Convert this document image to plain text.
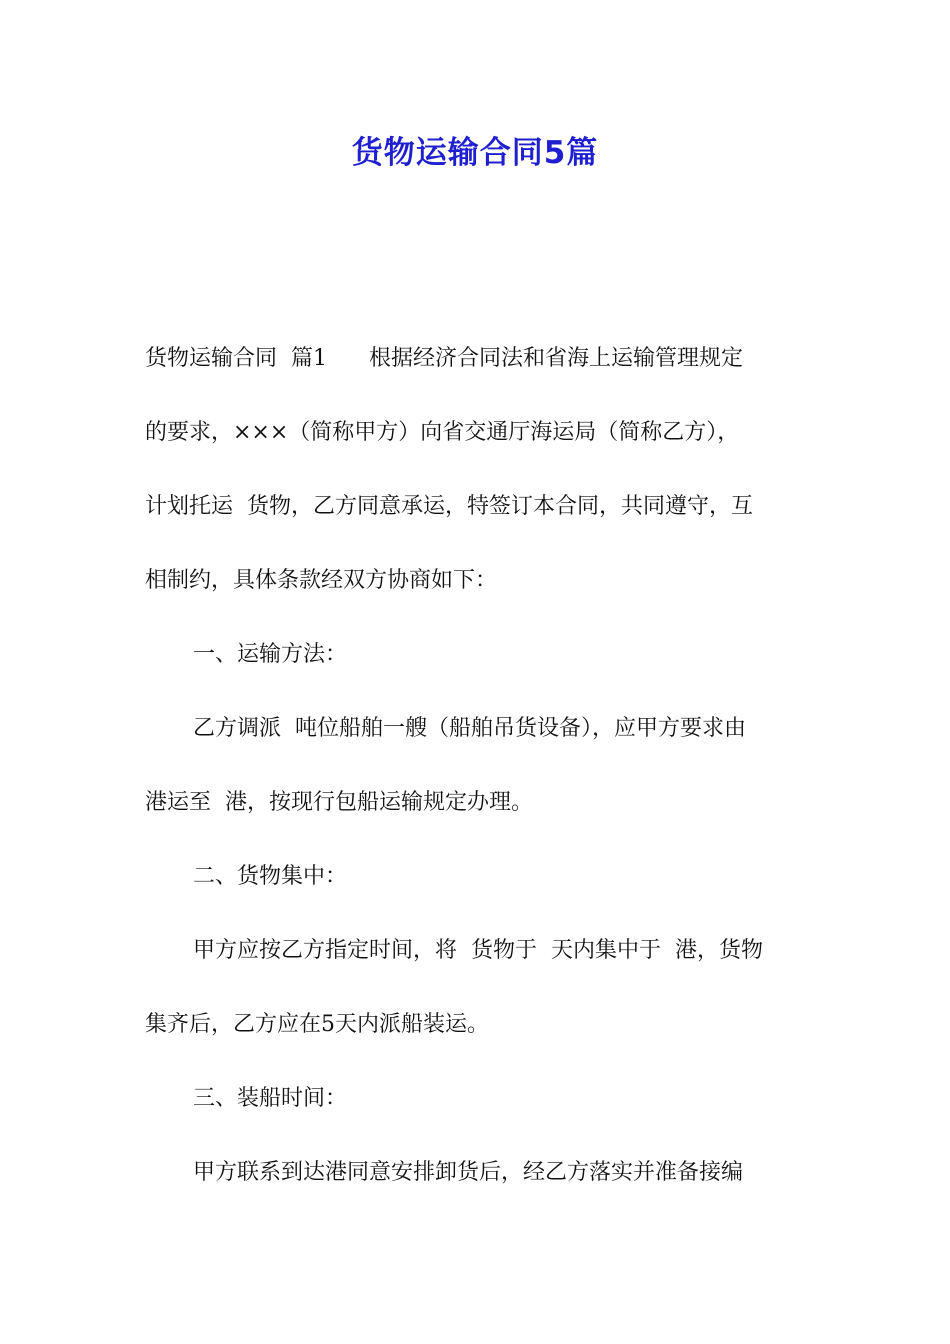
货物运输合同5篇
货物运输合同  篇1      根据经济合同法和省海上运输管理规定
的要求，×××（简称甲方）向省交通厅海运局（简称乙方），
计划托运  货物，乙方同意承运，特签订本合同，共同遵守，互
相制约，具体条款经双方协商如下：
一、运输方法：
乙方调派  吨位船舶一艘（船舶吊货设备），应甲方要求由
港运至  港，按现行包船运输规定办理。
二、货物集中：
甲方应按乙方指定时间，将  货物于  天内集中于  港，货物
集齐后，乙方应在5天内派船装运。
三、装船时间：
甲方联系到达港同意安排卸货后，经乙方落实并准备接编
